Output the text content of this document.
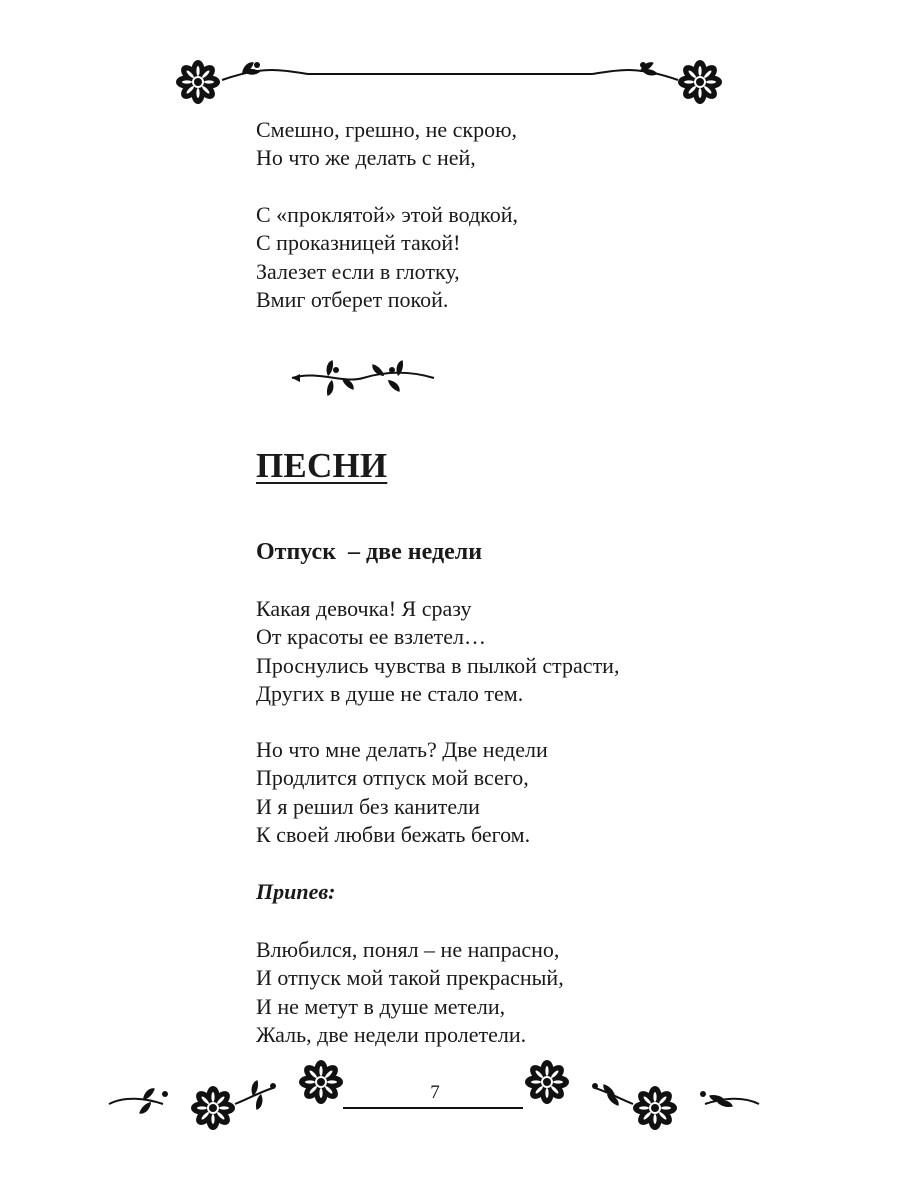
Смешно, грешно, не скрою,
Но что же делать с ней,
С «проклятой» этой водкой,
С проказницей такой!
Залезет если в глотку,
Вмиг отберет покой.
ПЕСНИ
Отпуск  – две недели
Какая девочка! Я сразу
От красоты ее взлетел…
Проснулись чувства в пылкой страсти,
Других в душе не стало тем.
Но что мне делать? Две недели
Продлится отпуск мой всего,
И я решил без канители
К своей любви бежать бегом.
Припев:
Влюбился, понял – не напрасно,
И отпуск мой такой прекрасный,
И не метут в душе метели,
Жаль, две недели пролетели.
7
